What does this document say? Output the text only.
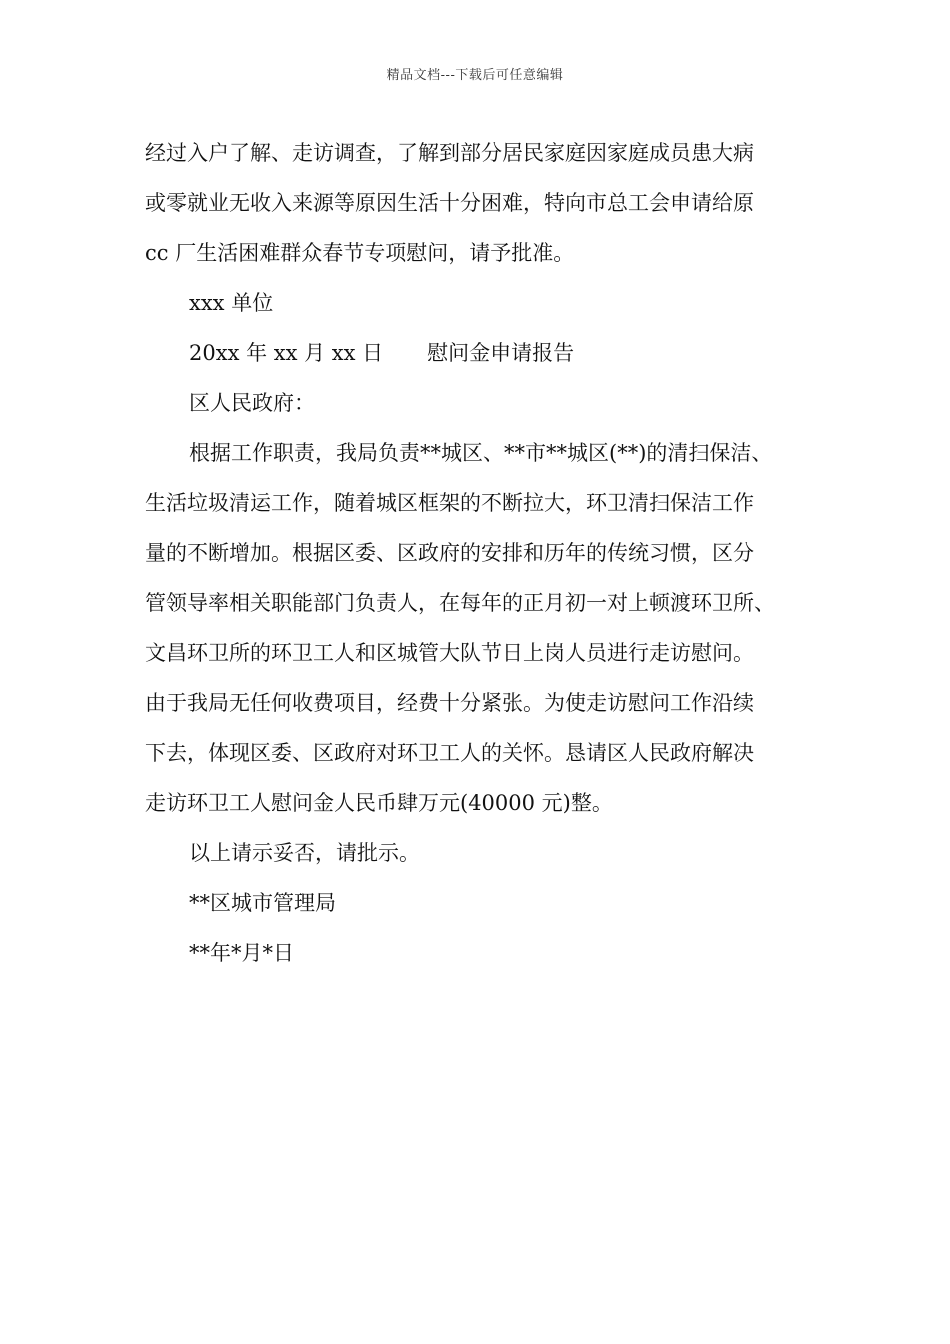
精品文档---下载后可任意编辑
经过入户了解、走访调查，了解到部分居民家庭因家庭成员患大病
或零就业无收入来源等原因生活十分困难，特向市总工会申请给原
cc 厂生活困难群众春节专项慰问，请予批准。
xxx 单位
20xx 年 xx 月 xx 日 慰问金申请报告
区人民政府：
根据工作职责，我局负责**城区、**市**城区(**)的清扫保洁、
生活垃圾清运工作，随着城区框架的不断拉大，环卫清扫保洁工作
量的不断增加。根据区委、区政府的安排和历年的传统习惯，区分
管领导率相关职能部门负责人，在每年的正月初一对上顿渡环卫所、
文昌环卫所的环卫工人和区城管大队节日上岗人员进行走访慰问。
由于我局无任何收费项目，经费十分紧张。为使走访慰问工作沿续
下去，体现区委、区政府对环卫工人的关怀。恳请区人民政府解决
走访环卫工人慰问金人民币肆万元(40000 元)整。
以上请示妥否，请批示。
**区城市管理局
**年*月*日
